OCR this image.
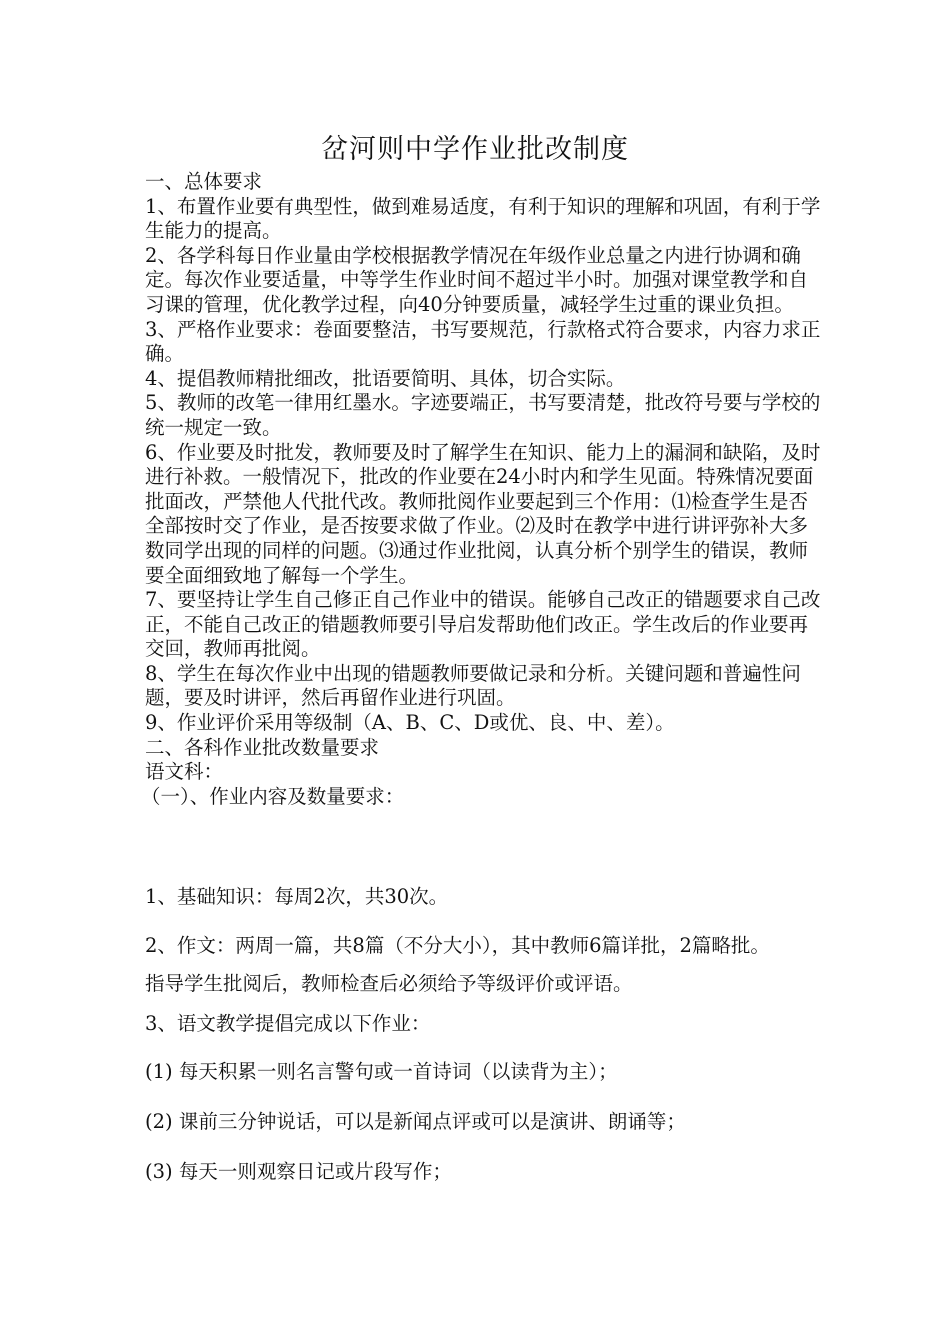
岔河则中学作业批改制度

一、总体要求

1、布置作业要有典型性，做到难易适度，有利于知识的理解和巩固，有利于学生能力的提高。

2、各学科每日作业量由学校根据教学情况在年级作业总量之内进行协调和确定。每次作业要适量，中等学生作业时间不超过半小时。加强对课堂教学和自习课的管理，优化教学过程，向40分钟要质量，减轻学生过重的课业负担。

3、严格作业要求：卷面要整洁，书写要规范，行款格式符合要求，内容力求正确。

4、提倡教师精批细改，批语要简明、具体，切合实际。

5、教师的改笔一律用红墨水。字迹要端正，书写要清楚，批改符号要与学校的统一规定一致。

6、作业要及时批发，教师要及时了解学生在知识、能力上的漏洞和缺陷，及时进行补救。一般情况下，批改的作业要在24小时内和学生见面。特殊情况要面批面改，严禁他人代批代改。教师批阅作业要起到三个作用：⑴检查学生是否全部按时交了作业，是否按要求做了作业。⑵及时在教学中进行讲评弥补大多数同学出现的同样的问题。⑶通过作业批阅，认真分析个别学生的错误，教师要全面细致地了解每一个学生。

7、要坚持让学生自己修正自己作业中的错误。能够自己改正的错题要求自己改正，不能自己改正的错题教师要引导启发帮助他们改正。学生改后的作业要再交回，教师再批阅。

8、学生在每次作业中出现的错题教师要做记录和分析。关键问题和普遍性问题，要及时讲评，然后再留作业进行巩固。

9、作业评价采用等级制（A、B、C、D或优、良、中、差）。

二、各科作业批改数量要求

语文科：

（一）、作业内容及数量要求：

1、基础知识：每周2次，共30次。

2、作文：两周一篇，共8篇（不分大小），其中教师6篇详批，2篇略批。

指导学生批阅后，教师检查后必须给予等级评价或评语。

3、语文教学提倡完成以下作业：

(1) 每天积累一则名言警句或一首诗词（以读背为主）；

(2) 课前三分钟说话，可以是新闻点评或可以是演讲、朗诵等；

(3) 每天一则观察日记或片段写作；
